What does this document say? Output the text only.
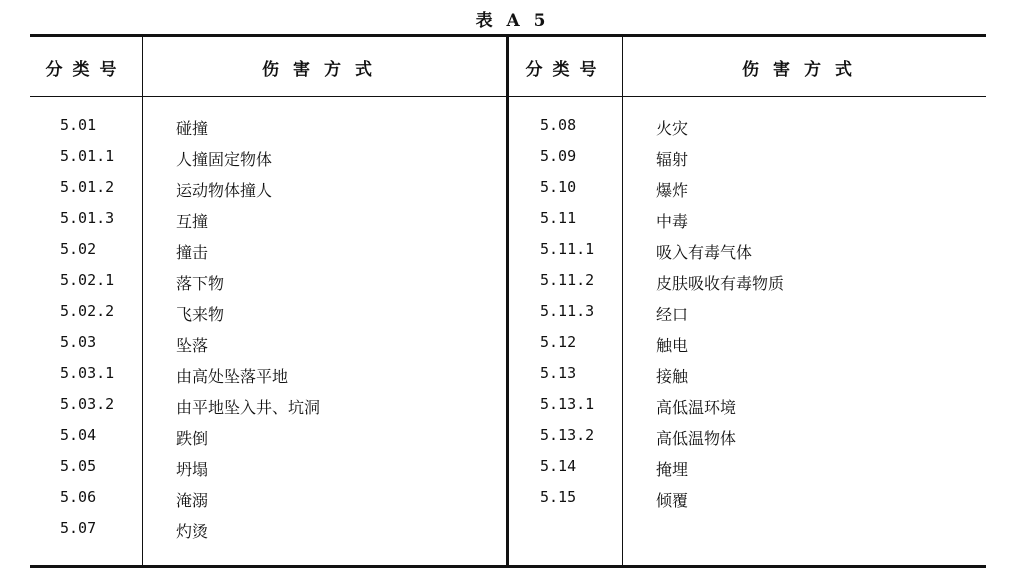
表 A 5
分类号	伤害方式
5.01	碰撞
5.01.1	人撞固定物体
5.01.2	运动物体撞人
5.01.3	互撞
5.02	撞击
5.02.1	落下物
5.02.2	飞来物
5.03	坠落
5.03.1	由高处坠落平地
5.03.2	由平地坠入井、坑洞
5.04	跌倒
5.05	坍塌
5.06	淹溺
5.07	灼烫
分类号	伤害方式
5.08	火灾
5.09	辐射
5.10	爆炸
5.11	中毒
5.11.1	吸入有毒气体
5.11.2	皮肤吸收有毒物质
5.11.3	经口
5.12	触电
5.13	接触
5.13.1	高低温环境
5.13.2	高低温物体
5.14	掩埋
5.15	倾覆
